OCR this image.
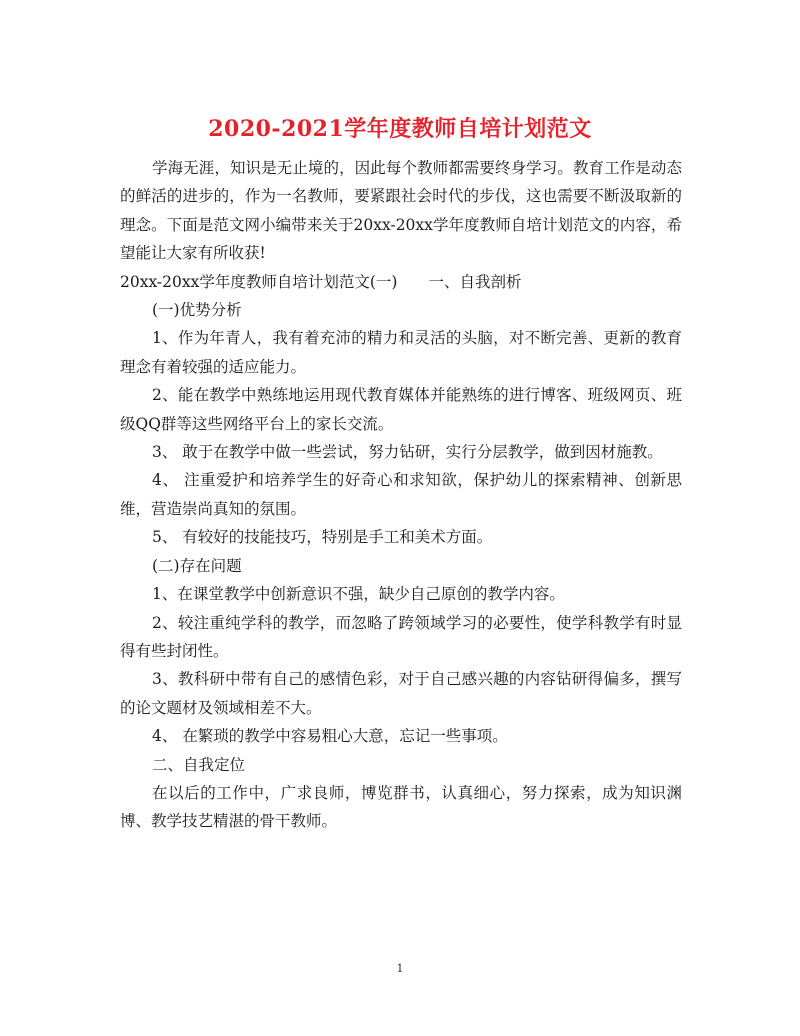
2020-2021学年度教师自培计划范文

学海无涯，知识是无止境的，因此每个教师都需要终身学习。教育工作是动态的鲜活的进步的，作为一名教师，要紧跟社会时代的步伐，这也需要不断汲取新的理念。下面是范文网小编带来关于20xx-20xx学年度教师自培计划范文的内容，希望能让大家有所收获!

20xx-20xx学年度教师自培计划范文(一)　　一、自我剖析

(一)优势分析

1、作为年青人，我有着充沛的精力和灵活的头脑，对不断完善、更新的教育理念有着较强的适应能力。

2、能在教学中熟练地运用现代教育媒体并能熟练的进行博客、班级网页、班级QQ群等这些网络平台上的家长交流。

3、 敢于在教学中做一些尝试，努力钻研，实行分层教学，做到因材施教。

4、 注重爱护和培养学生的好奇心和求知欲，保护幼儿的探索精神、创新思维，营造崇尚真知的氛围。

5、 有较好的技能技巧，特别是手工和美术方面。

(二)存在问题

1、在课堂教学中创新意识不强，缺少自己原创的教学内容。

2、较注重纯学科的教学，而忽略了跨领域学习的必要性，使学科教学有时显得有些封闭性。

3、教科研中带有自己的感情色彩，对于自己感兴趣的内容钻研得偏多，撰写的论文题材及领域相差不大。

4、 在繁琐的教学中容易粗心大意，忘记一些事项。

二、自我定位

在以后的工作中，广求良师，博览群书，认真细心，努力探索，成为知识渊博、教学技艺精湛的骨干教师。

1
